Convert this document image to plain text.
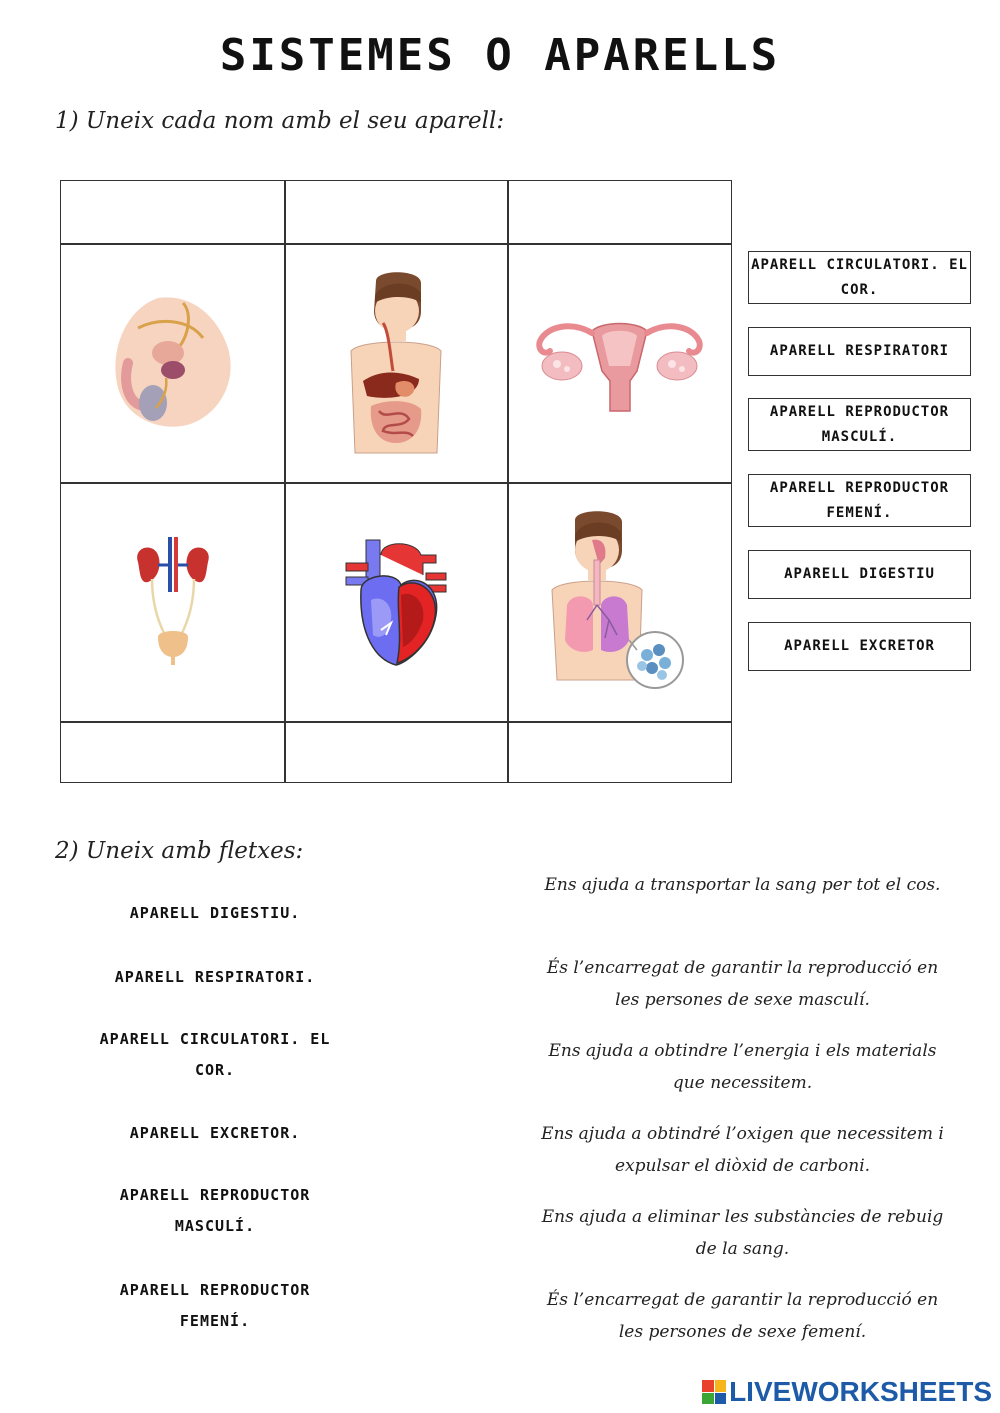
SISTEMES O APARELLS
1) Uneix cada nom amb el seu aparell:
APARELL CIRCULATORI. EL COR.
APARELL RESPIRATORI
APARELL REPRODUCTOR MASCULÍ.
APARELL REPRODUCTOR FEMENÍ.
APARELL DIGESTIU
APARELL EXCRETOR
2) Uneix amb fletxes:
APARELL DIGESTIU.
APARELL RESPIRATORI.
APARELL CIRCULATORI. EL COR.
APARELL EXCRETOR.
APARELL REPRODUCTOR MASCULÍ.
APARELL REPRODUCTOR FEMENÍ.
Ens ajuda a transportar la sang per tot el cos.
És l’encarregat de garantir la reproducció en les persones de sexe masculí.
Ens ajuda a obtindre l’energia i els materials que necessitem.
Ens ajuda a obtindré l’oxigen que necessitem i expulsar el diòxid de carboni.
Ens ajuda a eliminar les substàncies de rebuig de la sang.
És l’encarregat de garantir la reproducció en les persones de sexe femení.
LIVEWORKSHEETS
